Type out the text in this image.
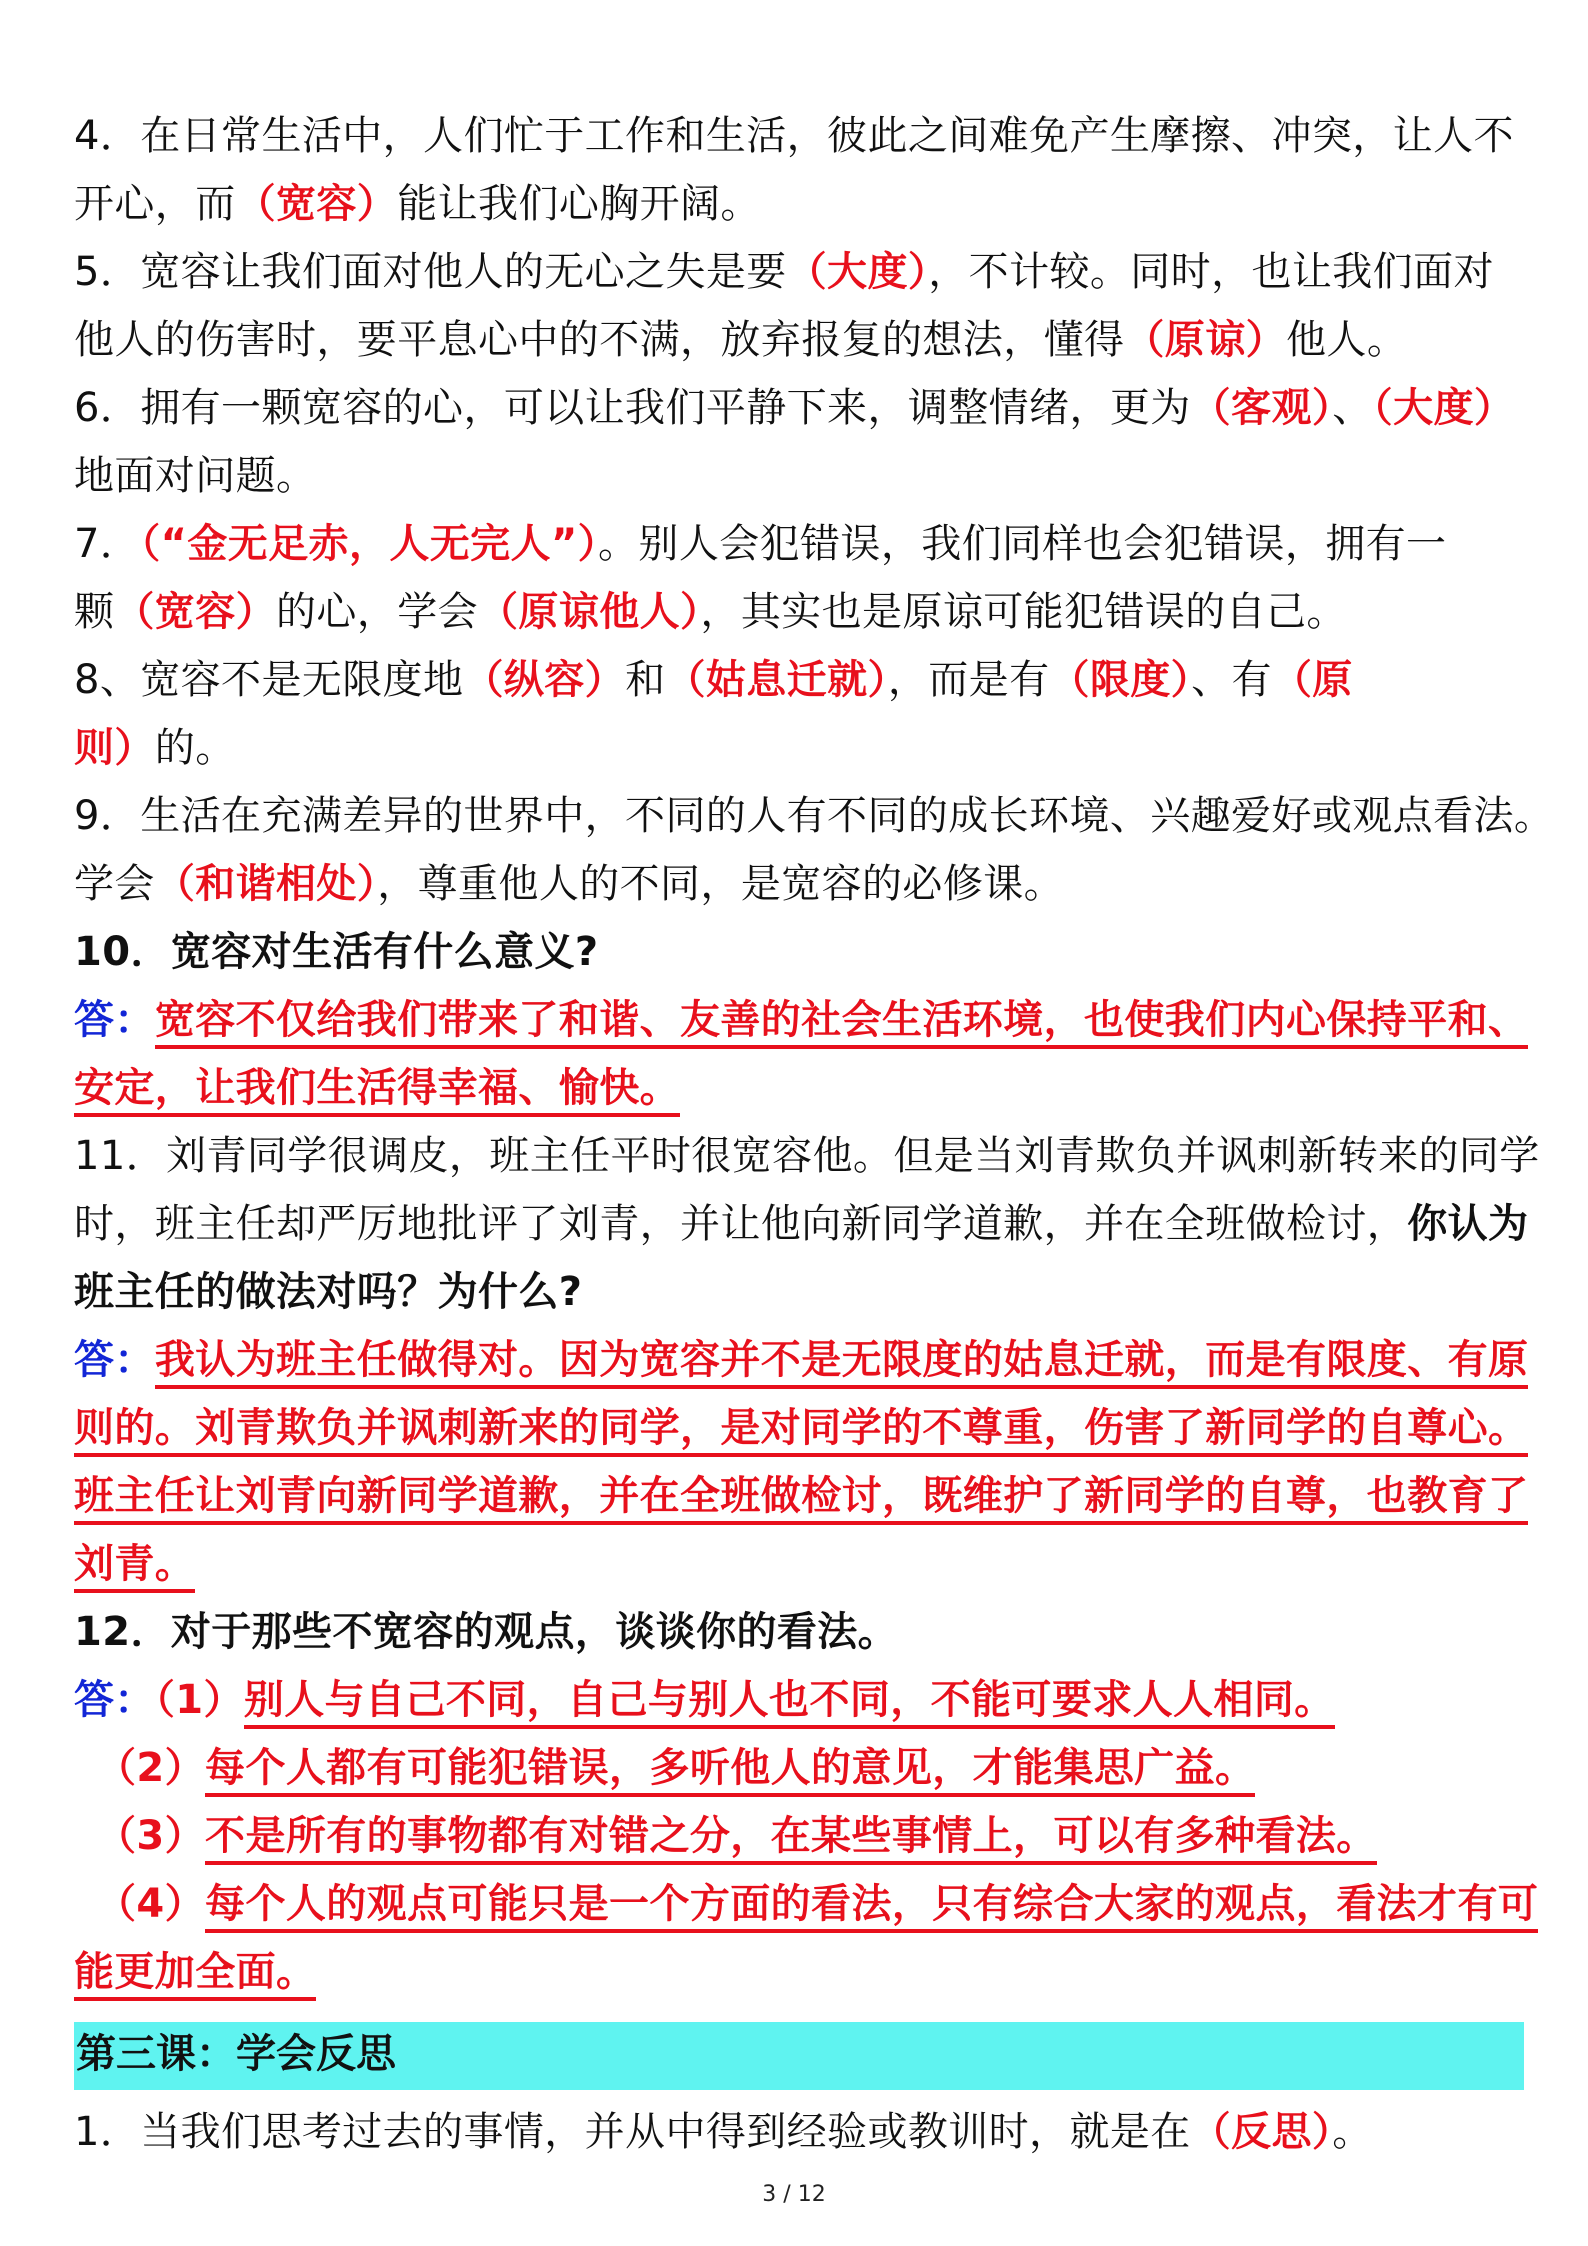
4．在日常生活中，人们忙于工作和生活，彼此之间难免产生摩擦、冲突，让人不
开心，而（宽容）能让我们心胸开阔。
5．宽容让我们面对他人的无心之失是要（大度），不计较。同时，也让我们面对
他人的伤害时，要平息心中的不满，放弃报复的想法，懂得（原谅）他人。
6．拥有一颗宽容的心，可以让我们平静下来，调整情绪，更为（客观）、（大度）
地面对问题。
7．（“金无足赤，人无完人”）。别人会犯错误，我们同样也会犯错误，拥有一
颗（宽容）的心，学会（原谅他人），其实也是原谅可能犯错误的自己。
8、宽容不是无限度地（纵容）和（姑息迁就），而是有（限度）、有（原
则）的。
9．生活在充满差异的世界中，不同的人有不同的成长环境、兴趣爱好或观点看法。
学会（和谐相处），尊重他人的不同，是宽容的必修课。
10．宽容对生活有什么意义?
答：宽容不仅给我们带来了和谐、友善的社会生活环境，也使我们内心保持平和、
安定，让我们生活得幸福、愉快。
11．刘青同学很调皮，班主任平时很宽容他。但是当刘青欺负并讽刺新转来的同学
时，班主任却严厉地批评了刘青，并让他向新同学道歉，并在全班做检讨，你认为
班主任的做法对吗？为什么?
答：我认为班主任做得对。因为宽容并不是无限度的姑息迁就，而是有限度、有原
则的。刘青欺负并讽刺新来的同学，是对同学的不尊重，伤害了新同学的自尊心。
班主任让刘青向新同学道歉，并在全班做检讨，既维护了新同学的自尊，也教育了
刘青。
12．对于那些不宽容的观点，谈谈你的看法。
答：（1）别人与自己不同，自己与别人也不同，不能可要求人人相同。
（2）每个人都有可能犯错误，多听他人的意见，才能集思广益。
（3）不是所有的事物都有对错之分，在某些事情上，可以有多种看法。
（4）每个人的观点可能只是一个方面的看法，只有综合大家的观点，看法才有可
能更加全面。
第三课：学会反思
1．当我们思考过去的事情，并从中得到经验或教训时，就是在（反思）。
3 / 12
